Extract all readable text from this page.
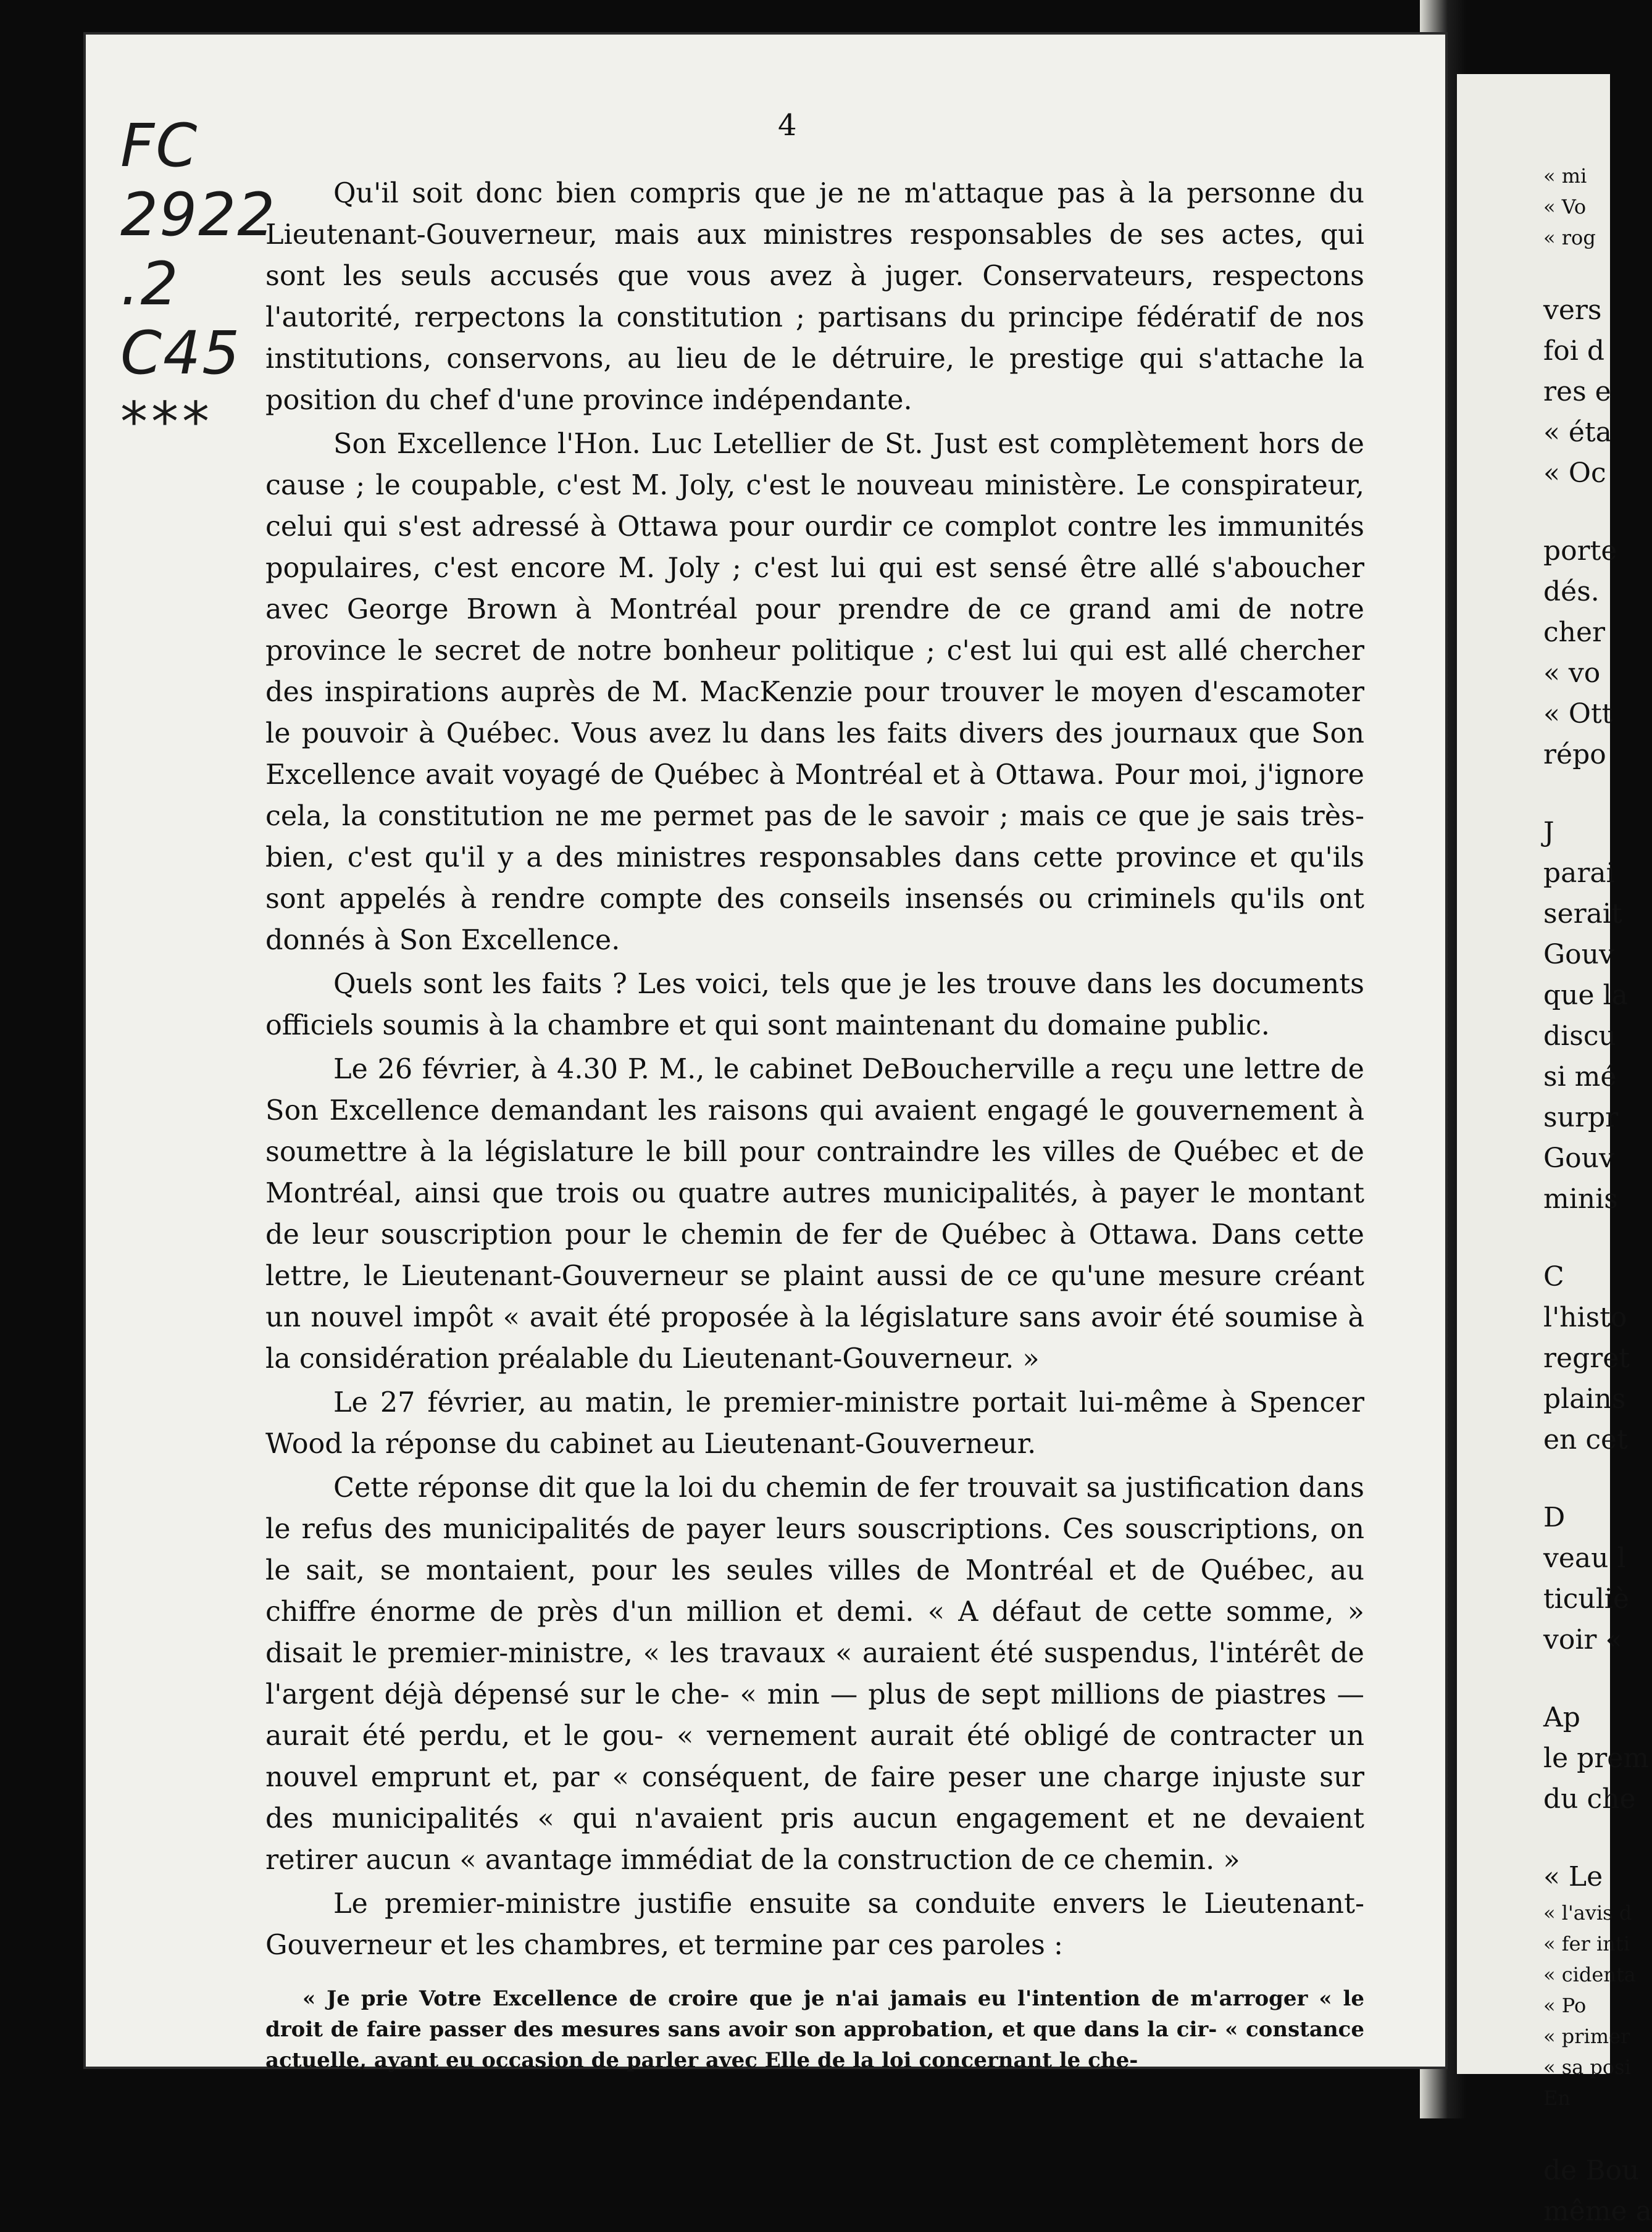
FC 2922
.2
C45
***
4

Qu'il soit donc bien compris que je ne m'attaque pas à la personne du Lieutenant-Gouverneur, mais aux ministres responsables de ses actes, qui sont les seuls accusés que vous avez à juger. Conservateurs, respectons l'autorité, rerpectons la constitution ; partisans du principe fédératif de nos institutions, conservons, au lieu de le détruire, le prestige qui s'attache la position du chef d'une province indépendante.

Son Excellence l'Hon. Luc Letellier de St. Just est complètement hors de cause ; le coupable, c'est M. Joly, c'est le nouveau ministère. Le conspirateur, celui qui s'est adressé à Ottawa pour ourdir ce complot contre les immunités populaires, c'est encore M. Joly ; c'est lui qui est sensé être allé s'aboucher avec George Brown à Montréal pour prendre de ce grand ami de notre province le secret de notre bonheur politique ; c'est lui qui est allé chercher des inspirations auprès de M. MacKenzie pour trouver le moyen d'escamoter le pouvoir à Québec. Vous avez lu dans les faits divers des journaux que Son Excellence avait voyagé de Québec à Montréal et à Ottawa. Pour moi, j'ignore cela, la constitution ne me permet pas de le savoir ; mais ce que je sais très-bien, c'est qu'il y a des ministres responsables dans cette province et qu'ils sont appelés à rendre compte des conseils insensés ou criminels qu'ils ont donnés à Son Excellence.

Quels sont les faits ? Les voici, tels que je les trouve dans les documents officiels soumis à la chambre et qui sont maintenant du domaine public.

Le 26 février, à 4.30 P. M., le cabinet DeBoucherville a reçu une lettre de Son Excellence demandant les raisons qui avaient engagé le gouvernement à soumettre à la législature le bill pour contraindre les villes de Québec et de Montréal, ainsi que trois ou quatre autres municipalités, à payer le montant de leur souscription pour le chemin de fer de Québec à Ottawa. Dans cette lettre, le Lieutenant-Gouverneur se plaint aussi de ce qu'une mesure créant un nouvel impôt « avait été proposée à la législature sans avoir été soumise à la considération préalable du Lieutenant-Gouverneur. »

Le 27 février, au matin, le premier-ministre portait lui-même à Spencer Wood la réponse du cabinet au Lieutenant-Gouverneur.

Cette réponse dit que la loi du chemin de fer trouvait sa justification dans le refus des municipalités de payer leurs souscriptions. Ces souscriptions, on le sait, se montaient, pour les seules villes de Montréal et de Québec, au chiffre énorme de près d'un million et demi. « A défaut de cette somme, » disait le premier-ministre, « les travaux « auraient été suspendus, l'intérêt de l'argent déjà dépensé sur le che- « min — plus de sept millions de piastres — aurait été perdu, et le gou- « vernement aurait été obligé de contracter un nouvel emprunt et, par « conséquent, de faire peser une charge injuste sur des municipalités « qui n'avaient pris aucun engagement et ne devaient retirer aucun « avantage immédiat de la construction de ce chemin. »

Le premier-ministre justifie ensuite sa conduite envers le Lieutenant-Gouverneur et les chambres, et termine par ces paroles :

« Je prie Votre Excellence de croire que je n'ai jamais eu l'intention de m'arroger « le droit de faire passer des mesures sans avoir son approbation, et que dans la cir- « constance actuelle, ayant eu occasion de parler avec Elle de la loi concernant le che-

« mi
« Vo
« rog
vers
foi d
res e
« éta
« Oc
porte
dés.
cher
« vo
« Ott
répo
J
parai
serait
Gouv
que la
discu
si mé
surpr
Gouv
minis
C
l'histo
regret
plains
en cet
D
veau l
ticuliè
voir «
Ap
le prem
du che
« Le
« l'avis d
« fer inti
« cidenta
« Po
« primer
« sa posi
En
de Bou
même a
